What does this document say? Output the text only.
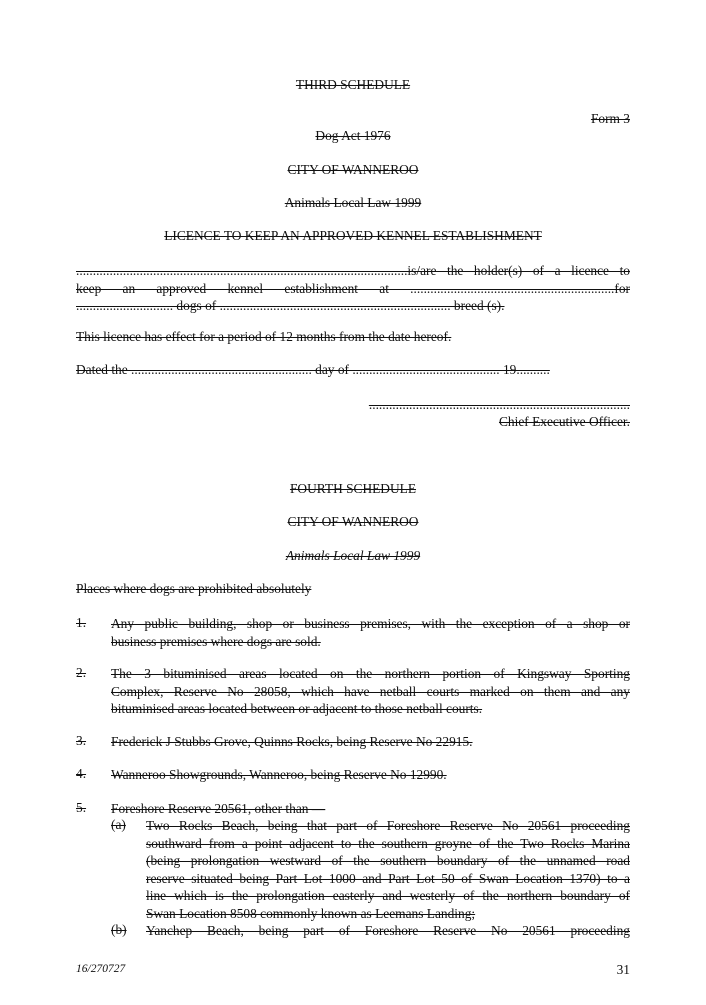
THIRD SCHEDULE
Form 3
Dog Act 1976
CITY OF WANNEROO
Animals Local Law 1999
LICENCE TO KEEP AN APPROVED KENNEL ESTABLISHMENT
...................................................................................................is/are the holder(s) of a licence to
keep an approved kennel establishment at .............................................................for
............................. dogs of ..................................................................... breed (s).
This licence has effect for a period of 12 months from the date hereof.
Dated the ...................................................... day of ............................................ 19..........
..............................................................................
Chief Executive Officer.
FOURTH SCHEDULE
CITY OF WANNEROO
Animals Local Law 1999
Places where dogs are prohibited absolutely
1. Any public building, shop or business premises, with the exception of a shop or
business premises where dogs are sold.
2. The 3 bituminised areas located on the northern portion of Kingsway Sporting
Complex, Reserve No 28058, which have netball courts marked on them and any
bituminised areas located between or adjacent to those netball courts.
3. Frederick J Stubbs Grove, Quinns Rocks, being Reserve No 22915.
4. Wanneroo Showgrounds, Wanneroo, being Reserve No 12990.
5. Foreshore Reserve 20561, other than —
(a) Two Rocks Beach, being that part of Foreshore Reserve No 20561 proceeding
southward from a point adjacent to the southern groyne of the Two Rocks Marina
(being prolongation westward of the southern boundary of the unnamed road
reserve situated being Part Lot 1000 and Part Lot 50 of Swan Location 1370) to a
line which is the prolongation easterly and westerly of the northern boundary of
Swan Location 8508 commonly known as Leemans Landing;
(b) Yanchep Beach, being part of Foreshore Reserve No 20561 proceeding
16/270727	31
